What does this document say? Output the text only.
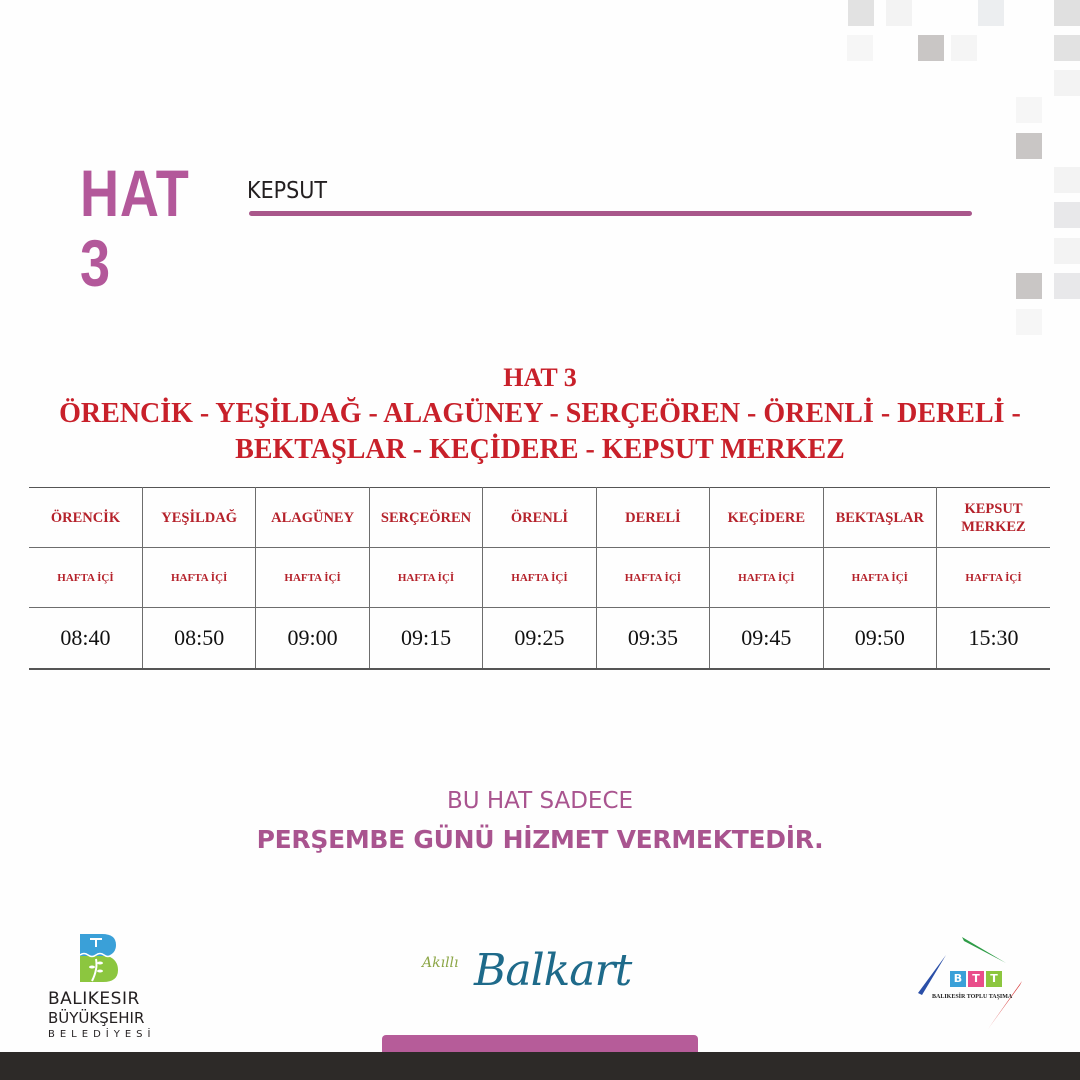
HAT 3
KEPSUT
HAT 3
ÖRENCİK - YEŞİLDAĞ - ALAGÜNEY - SERÇEÖREN - ÖRENLİ - DERELİ -
BEKTAŞLAR - KEÇİDERE - KEPSUT MERKEZ
ÖRENCİK	YEŞİLDAĞ	ALAGÜNEY	SERÇEÖREN	ÖRENLİ	DERELİ	KEÇİDERE	BEKTAŞLAR	KEPSUT MERKEZ
HAFTA İÇİ	HAFTA İÇİ	HAFTA İÇİ	HAFTA İÇİ	HAFTA İÇİ	HAFTA İÇİ	HAFTA İÇİ	HAFTA İÇİ	HAFTA İÇİ
08:40	08:50	09:00	09:15	09:25	09:35	09:45	09:50	15:30
BU HAT SADECE
PERŞEMBE GÜNÜ HİZMET VERMEKTEDİR.
BALIKESIR
BÜYÜKŞEHIR
BELEDİYESİ
Akıllı Balkart	B T T
BALIKESİR TOPLU TAŞIMA
